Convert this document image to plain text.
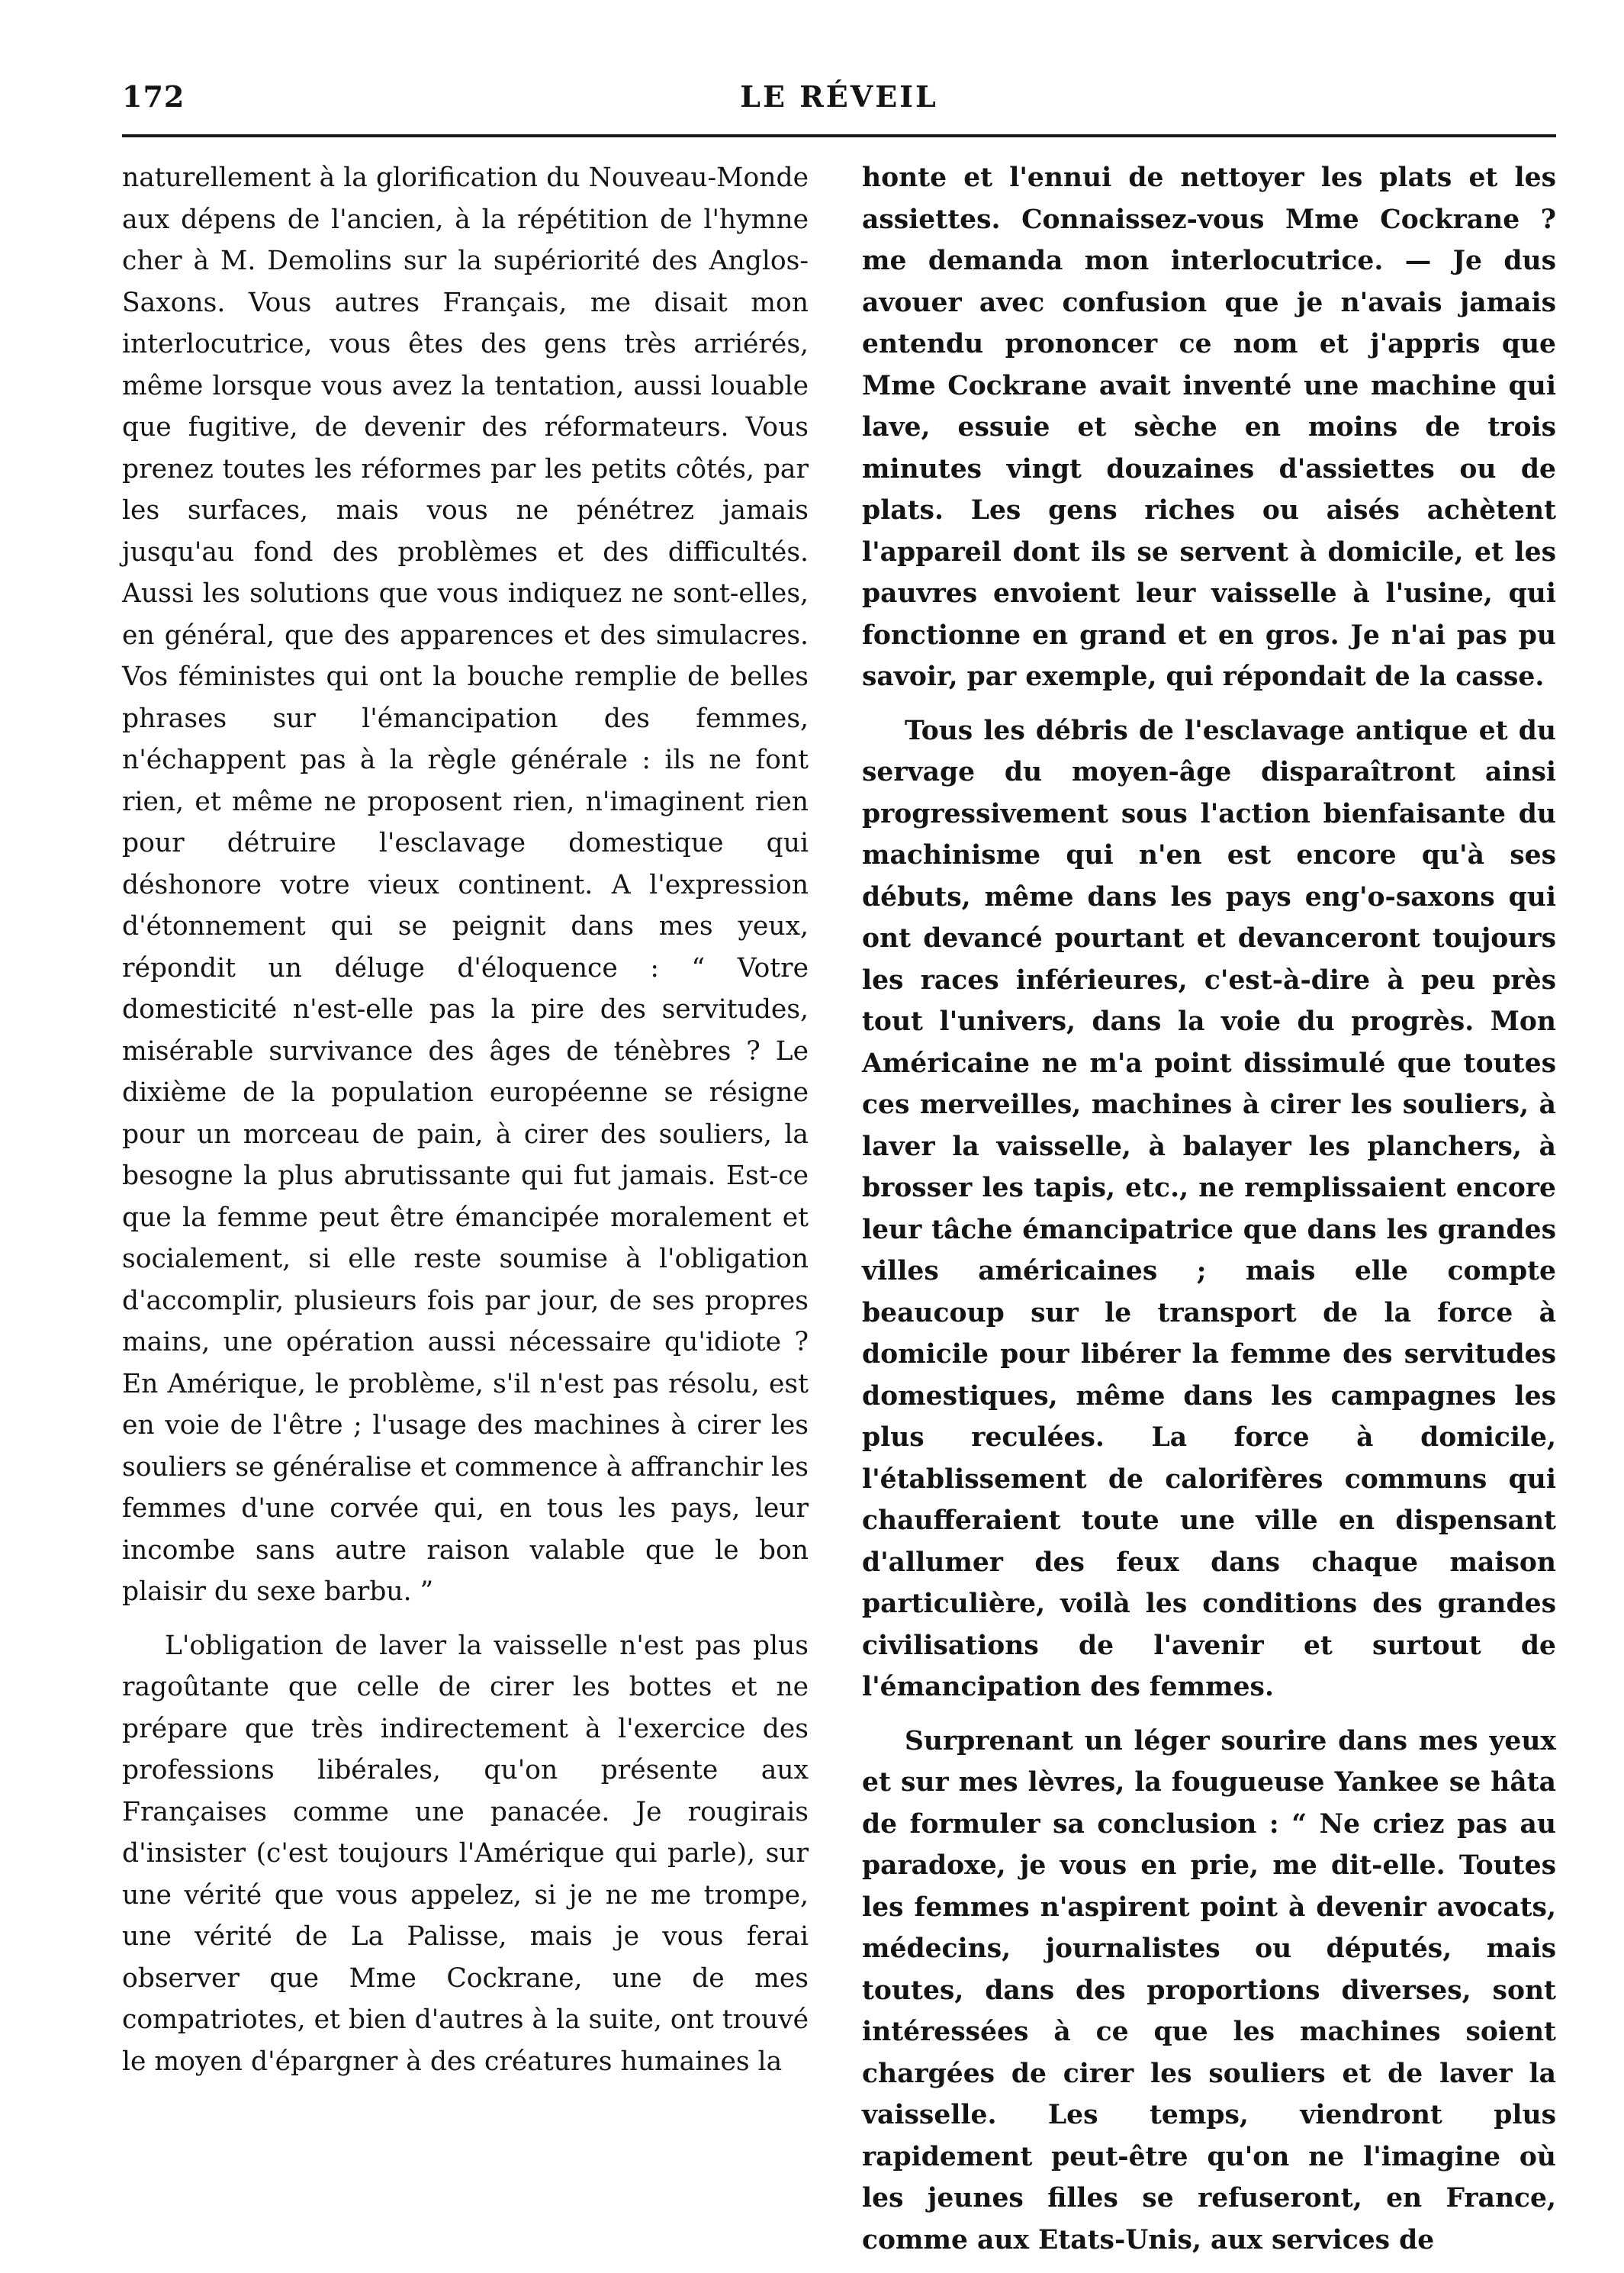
172	LE RÉVEIL

naturellement à la glorification du Nouveau-Monde aux dépens de l'ancien, à la répétition de l'hymne cher à M. Demolins sur la supériorité des Anglos-Saxons. Vous autres Français, me disait mon interlocutrice, vous êtes des gens très arriérés, même lorsque vous avez la tentation, aussi louable que fugitive, de devenir des réformateurs. Vous prenez toutes les réformes par les petits côtés, par les surfaces, mais vous ne pénétrez jamais jusqu'au fond des problèmes et des difficultés. Aussi les solutions que vous indiquez ne sont-elles, en général, que des apparences et des simulacres. Vos féministes qui ont la bouche remplie de belles phrases sur l'émancipation des femmes, n'échappent pas à la règle générale : ils ne font rien, et même ne proposent rien, n'imaginent rien pour détruire l'esclavage domestique qui déshonore votre vieux continent. A l'expression d'étonnement qui se peignit dans mes yeux, répondit un déluge d'éloquence : “ Votre domesticité n'est-elle pas la pire des servitudes, misérable survivance des âges de ténèbres ? Le dixième de la population européenne se résigne pour un morceau de pain, à cirer des souliers, la besogne la plus abrutissante qui fut jamais. Est-ce que la femme peut être émancipée moralement et socialement, si elle reste soumise à l'obligation d'accomplir, plusieurs fois par jour, de ses propres mains, une opération aussi nécessaire qu'idiote ? En Amérique, le problème, s'il n'est pas résolu, est en voie de l'être ; l'usage des machines à cirer les souliers se généralise et commence à affranchir les femmes d'une corvée qui, en tous les pays, leur incombe sans autre raison valable que le bon plaisir du sexe barbu. ”

L'obligation de laver la vaisselle n'est pas plus ragoûtante que celle de cirer les bottes et ne prépare que très indirectement à l'exercice des professions libérales, qu'on présente aux Françaises comme une panacée. Je rougirais d'insister (c'est toujours l'Amérique qui parle), sur une vérité que vous appelez, si je ne me trompe, une vérité de La Palisse, mais je vous ferai observer que Mme Cockrane, une de mes compatriotes, et bien d'autres à la suite, ont trouvé le moyen d'épargner à des créatures humaines la

honte et l'ennui de nettoyer les plats et les assiettes. Connaissez-vous Mme Cockrane ? me demanda mon interlocutrice. — Je dus avouer avec confusion que je n'avais jamais entendu prononcer ce nom et j'appris que Mme Cockrane avait inventé une machine qui lave, essuie et sèche en moins de trois minutes vingt douzaines d'assiettes ou de plats. Les gens riches ou aisés achètent l'appareil dont ils se servent à domicile, et les pauvres envoient leur vaisselle à l'usine, qui fonctionne en grand et en gros. Je n'ai pas pu savoir, par exemple, qui répondait de la casse.

Tous les débris de l'esclavage antique et du servage du moyen-âge disparaîtront ainsi progressivement sous l'action bienfaisante du machinisme qui n'en est encore qu'à ses débuts, même dans les pays eng'o-saxons qui ont devancé pourtant et devanceront toujours les races inférieures, c'est-à-dire à peu près tout l'univers, dans la voie du progrès. Mon Américaine ne m'a point dissimulé que toutes ces merveilles, machines à cirer les souliers, à laver la vaisselle, à balayer les planchers, à brosser les tapis, etc., ne remplissaient encore leur tâche émancipatrice que dans les grandes villes américaines ; mais elle compte beaucoup sur le transport de la force à domicile pour libérer la femme des servitudes domestiques, même dans les campagnes les plus reculées. La force à domicile, l'établissement de calorifères communs qui chaufferaient toute une ville en dispensant d'allumer des feux dans chaque maison particulière, voilà les conditions des grandes civilisations de l'avenir et surtout de l'émancipation des femmes.

Surprenant un léger sourire dans mes yeux et sur mes lèvres, la fougueuse Yankee se hâta de formuler sa conclusion : “ Ne criez pas au paradoxe, je vous en prie, me dit-elle. Toutes les femmes n'aspirent point à devenir avocats, médecins, journalistes ou députés, mais toutes, dans des proportions diverses, sont intéressées à ce que les machines soient chargées de cirer les souliers et de laver la vaisselle. Les temps, viendront plus rapidement peut-être qu'on ne l'imagine où les jeunes filles se refuseront, en France, comme aux Etats-Unis, aux services de
